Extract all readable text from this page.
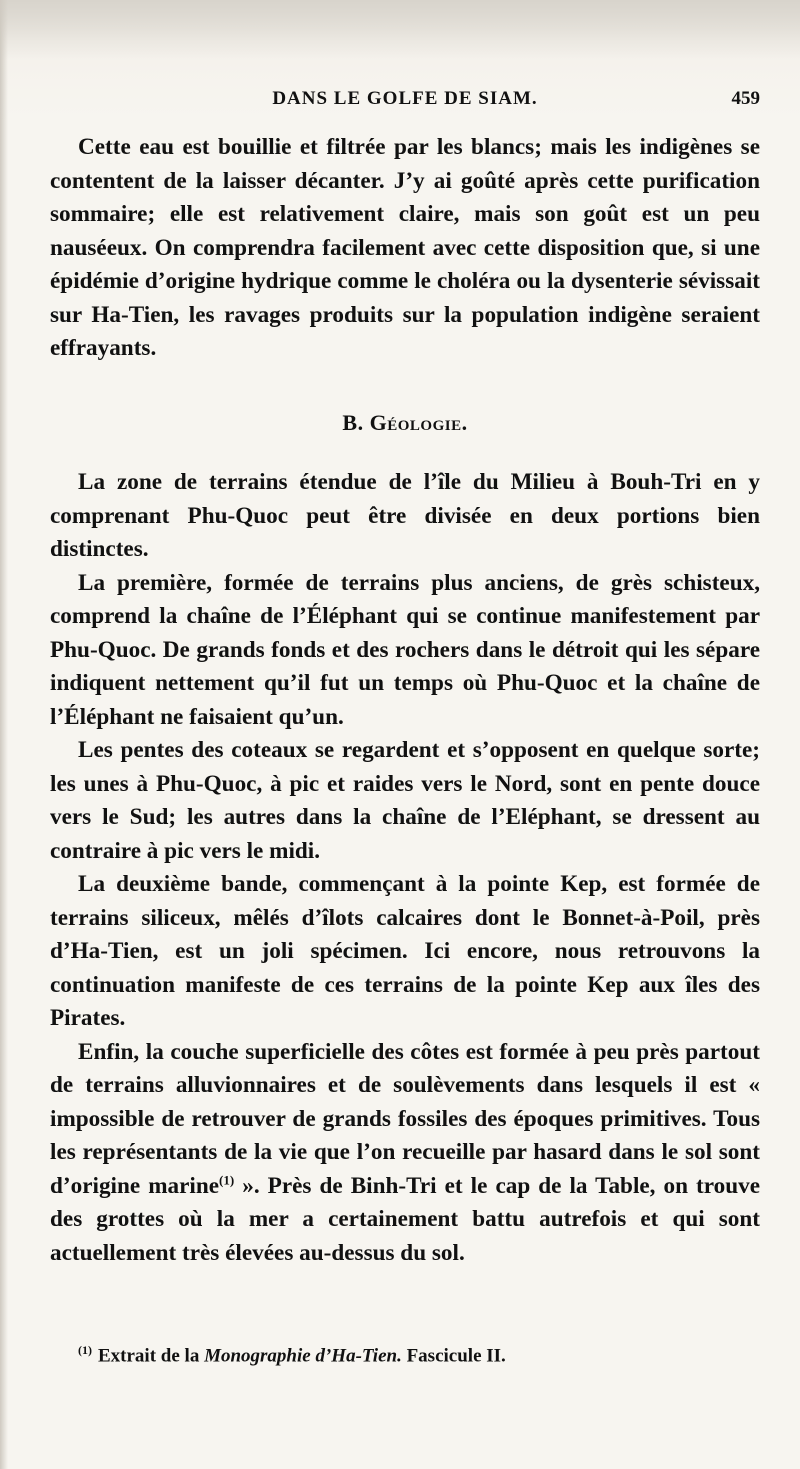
DANS LE GOLFE DE SIAM.	459

Cette eau est bouillie et filtrée par les blancs; mais les indigènes se contentent de la laisser décanter. J’y ai goûté après cette purification sommaire; elle est relativement claire, mais son goût est un peu nauséeux. On comprendra facilement avec cette disposition que, si une épidémie d’origine hydrique comme le choléra ou la dysenterie sévissait sur Ha-Tien, les ravages produits sur la population indigène seraient effrayants.

B. Géologie.

La zone de terrains étendue de l’île du Milieu à Bouh-Tri en y comprenant Phu-Quoc peut être divisée en deux portions bien distinctes.

La première, formée de terrains plus anciens, de grès schisteux, comprend la chaîne de l’Éléphant qui se continue manifestement par Phu-Quoc. De grands fonds et des rochers dans le détroit qui les sépare indiquent nettement qu’il fut un temps où Phu-Quoc et la chaîne de l’Éléphant ne faisaient qu’un.

Les pentes des coteaux se regardent et s’opposent en quelque sorte; les unes à Phu-Quoc, à pic et raides vers le Nord, sont en pente douce vers le Sud; les autres dans la chaîne de l’Eléphant, se dressent au contraire à pic vers le midi.

La deuxième bande, commençant à la pointe Kep, est formée de terrains siliceux, mêlés d’îlots calcaires dont le Bonnet-à-Poil, près d’Ha-Tien, est un joli spécimen. Ici encore, nous retrouvons la continuation manifeste de ces terrains de la pointe Kep aux îles des Pirates.

Enfin, la couche superficielle des côtes est formée à peu près partout de terrains alluvionnaires et de soulèvements dans lesquels il est « impossible de retrouver de grands fossiles des époques primitives. Tous les représentants de la vie que l’on recueille par hasard dans le sol sont d’origine marine$^{(1)}$ ». Près de Binh-Tri et le cap de la Table, on trouve des grottes où la mer a certainement battu autrefois et qui sont actuellement très élevées au-dessus du sol.

$^{(1)}$ Extrait de la Monographie d’Ha-Tien. Fascicule II.
